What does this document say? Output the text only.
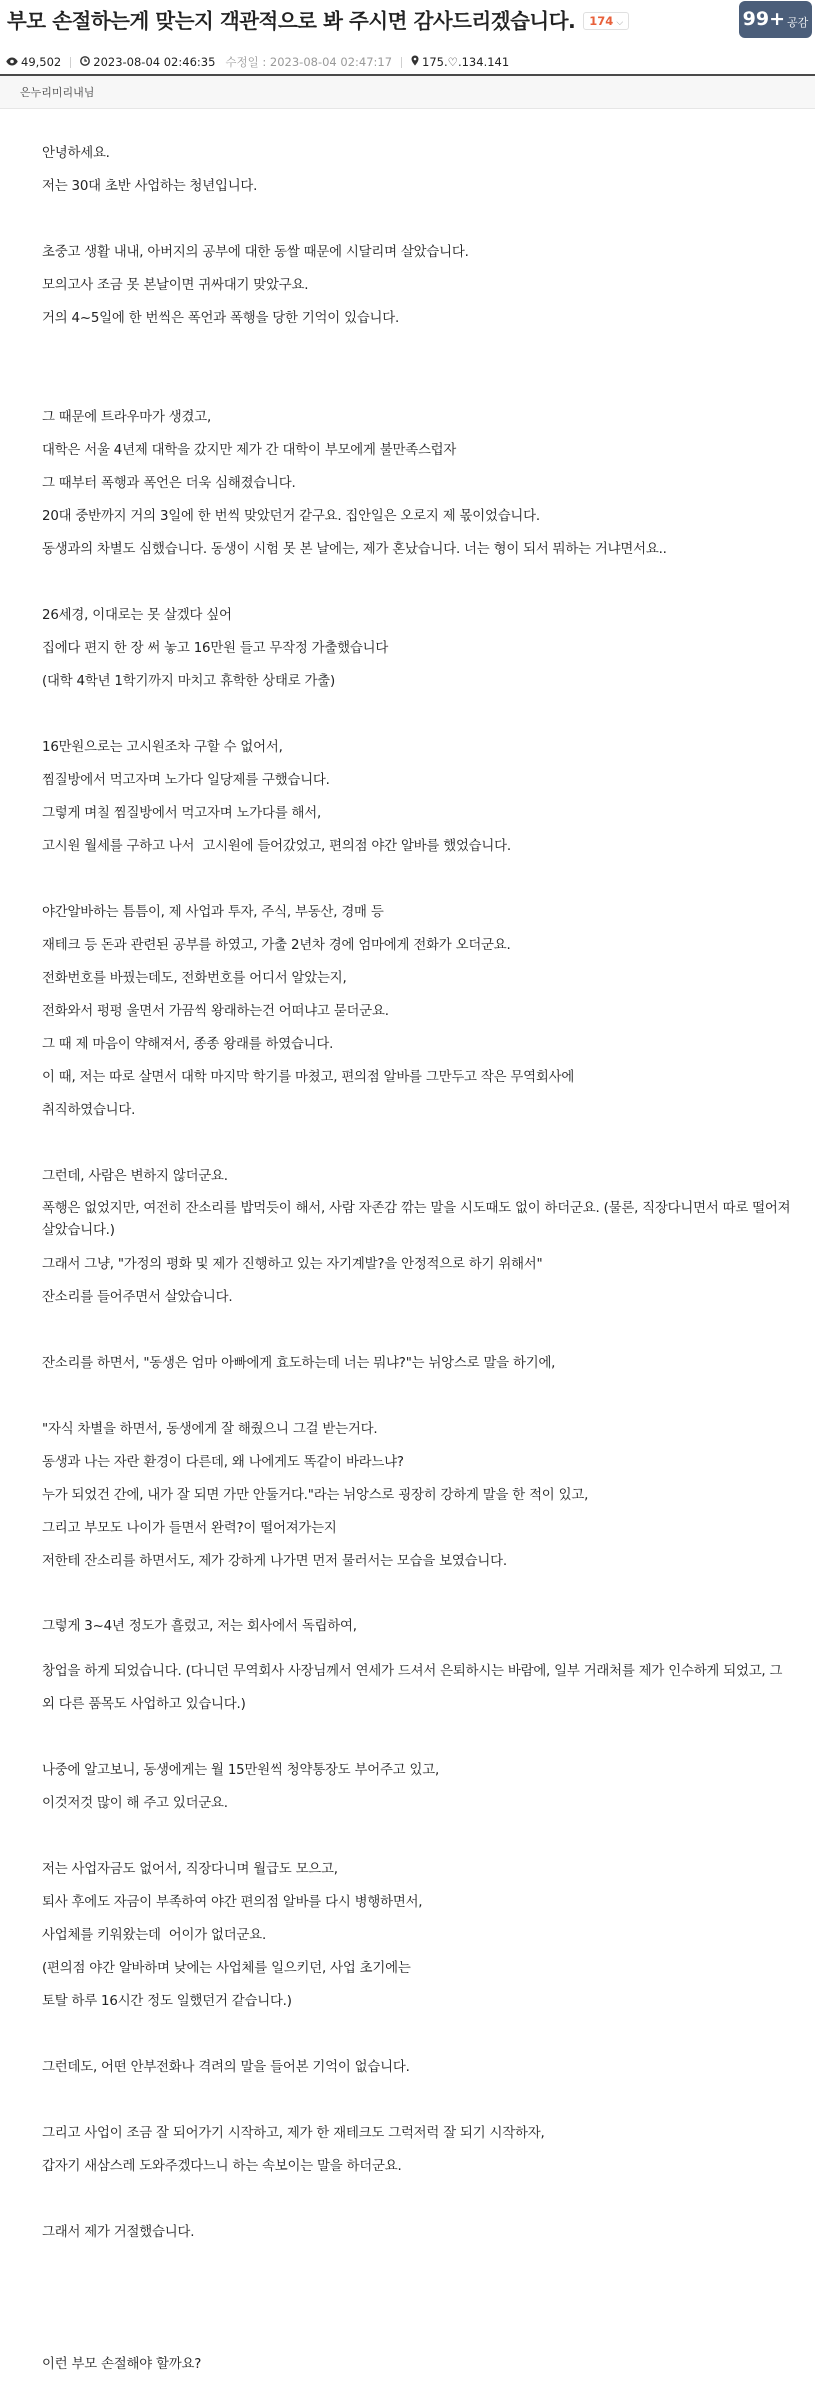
부모 손절하는게 맞는지 객관적으로 봐 주시면 감사드리겠습니다. 174 ⌵	99+ 공감
49,502	2023-08-04 02:46:35 수정일 :
2023-08-04 02:47:17	175.♡.134.141
은누리미리내님

안녕하세요.

저는 30대 초반 사업하는 청년입니다.

초중고 생활 내내, 아버지의 공부에 대한 동쌀 때문에 시달리며 살았습니다.

모의고사 조금 못 본날이면 귀싸대기 맞았구요.

거의 4~5일에 한 번씩은 폭언과 폭행을 당한 기억이 있습니다.

그 때문에 트라우마가 생겼고,

대학은 서울 4년제 대학을 갔지만 제가 간 대학이 부모에게 불만족스럽자

그 때부터 폭행과 폭언은 더욱 심해졌습니다.

20대 중반까지 거의 3일에 한 번씩 맞았던거 같구요. 집안일은 오로지 제 몫이었습니다.

동생과의 차별도 심했습니다. 동생이 시험 못 본 날에는, 제가 혼났습니다. 너는 형이 되서 뭐하는 거냐면서요..

26세경, 이대로는 못 살겠다 싶어

집에다 편지 한 장 써 놓고 16만원 들고 무작정 가출했습니다

(대학 4학년 1학기까지 마치고 휴학한 상태로 가출)

16만원으로는 고시원조차 구할 수 없어서,

찜질방에서 먹고자며 노가다 일당제를 구했습니다.

그렇게 며칠 찜질방에서 먹고자며 노가다를 해서,

고시원 월세를 구하고 나서  고시원에 들어갔었고, 편의점 야간 알바를 했었습니다.

야간알바하는 틈틈이, 제 사업과 투자, 주식, 부동산, 경매 등

재테크 등 돈과 관련된 공부를 하였고, 가출 2년차 경에 엄마에게 전화가 오더군요.

전화번호를 바꿨는데도, 전화번호를 어디서 알았는지,

전화와서 펑펑 울면서 가끔씩 왕래하는건 어떠냐고 묻더군요.

그 때 제 마음이 약해져서, 종종 왕래를 하였습니다.

이 때, 저는 따로 살면서 대학 마지막 학기를 마쳤고, 편의점 알바를 그만두고 작은 무역회사에

취직하였습니다.

그런데, 사람은 변하지 않더군요.

폭행은 없었지만, 여전히 잔소리를 밥먹듯이 해서, 사람 자존감 깎는 말을 시도때도 없이 하더군요. (물론, 직장다니면서 따로 떨어져 살았습니다.)

그래서 그냥, "가정의 평화 및 제가 진행하고 있는 자기계발?을 안정적으로 하기 위해서"

잔소리를 들어주면서 살았습니다.

잔소리를 하면서, "동생은 엄마 아빠에게 효도하는데 너는 뭐냐?"는 뉘앙스로 말을 하기에,

"자식 차별을 하면서, 동생에게 잘 해줬으니 그걸 받는거다.

동생과 나는 자란 환경이 다른데, 왜 나에게도 똑같이 바라느냐?

누가 되었건 간에, 내가 잘 되면 가만 안둘거다."라는 뉘앙스로 굉장히 강하게 말을 한 적이 있고,

그리고 부모도 나이가 들면서 완력?이 떨어져가는지

저한테 잔소리를 하면서도, 제가 강하게 나가면 먼저 물러서는 모습을 보였습니다.

그렇게 3~4년 정도가 흘렀고, 저는 회사에서 독립하여,

창업을 하게 되었습니다. (다니던 무역회사 사장님께서 연세가 드셔서 은퇴하시는 바람에, 일부 거래처를 제가 인수하게 되었고, 그 외 다른 품목도 사업하고 있습니다.)

나중에 알고보니, 동생에게는 월 15만원씩 청약통장도 부어주고 있고,

이것저것 많이 해 주고 있더군요.

저는 사업자금도 없어서, 직장다니며 월급도 모으고,

퇴사 후에도 자금이 부족하여 야간 편의점 알바를 다시 병행하면서,

사업체를 키워왔는데  어이가 없더군요.

(편의점 야간 알바하며 낮에는 사업체를 일으키던, 사업 초기에는

토탈 하루 16시간 정도 일했던거 같습니다.)

그런데도, 어떤 안부전화나 격려의 말을 들어본 기억이 없습니다.

그리고 사업이 조금 잘 되어가기 시작하고, 제가 한 재테크도 그럭저럭 잘 되기 시작하자,

갑자기 새삼스레 도와주겠다느니 하는 속보이는 말을 하더군요.

그래서 제가 거절했습니다.

이런 부모 손절해야 할까요?
